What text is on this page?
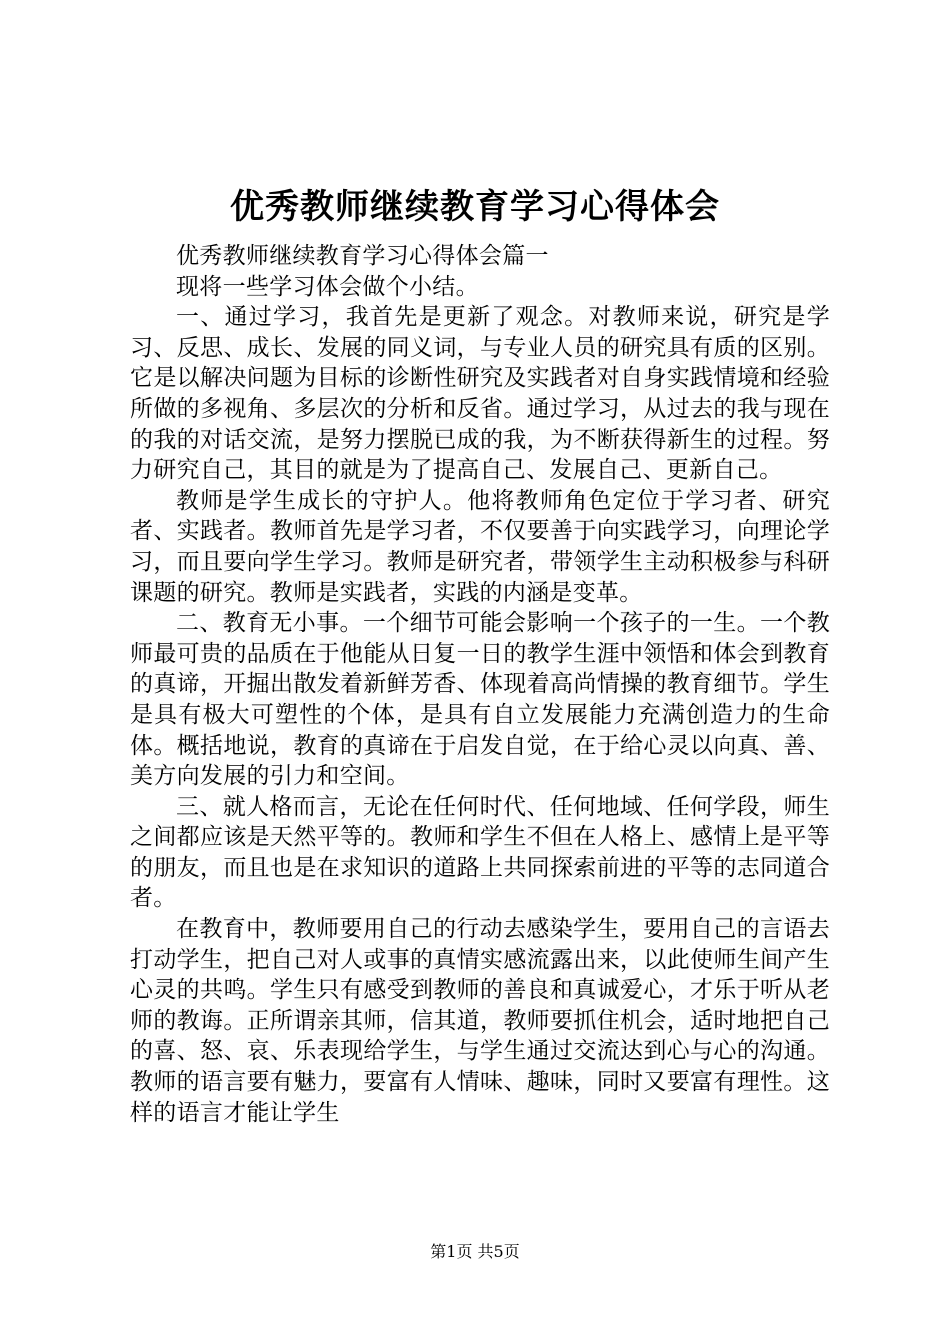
优秀教师继续教育学习心得体会

优秀教师继续教育学习心得体会篇一

现将一些学习体会做个小结。

一、通过学习，我首先是更新了观念。对教师来说，研究是学习、反思、成长、发展的同义词，与专业人员的研究具有质的区别。它是以解决问题为目标的诊断性研究及实践者对自身实践情境和经验所做的多视角、多层次的分析和反省。通过学习，从过去的我与现在的我的对话交流，是努力摆脱已成的我，为不断获得新生的过程。努力研究自己，其目的就是为了提高自己、发展自己、更新自己。

教师是学生成长的守护人。他将教师角色定位于学习者、研究者、实践者。教师首先是学习者，不仅要善于向实践学习，向理论学习，而且要向学生学习。教师是研究者，带领学生主动积极参与科研课题的研究。教师是实践者，实践的内涵是变革。

二、教育无小事。一个细节可能会影响一个孩子的一生。一个教师最可贵的品质在于他能从日复一日的教学生涯中领悟和体会到教育的真谛，开掘出散发着新鲜芳香、体现着高尚情操的教育细节。学生是具有极大可塑性的个体，是具有自立发展能力充满创造力的生命体。概括地说，教育的真谛在于启发自觉，在于给心灵以向真、善、美方向发展的引力和空间。

三、就人格而言，无论在任何时代、任何地域、任何学段，师生之间都应该是天然平等的。教师和学生不但在人格上、感情上是平等的朋友，而且也是在求知识的道路上共同探索前进的平等的志同道合者。

在教育中，教师要用自己的行动去感染学生，要用自己的言语去打动学生，把自己对人或事的真情实感流露出来，以此使师生间产生心灵的共鸣。学生只有感受到教师的善良和真诚爱心，才乐于听从老师的教诲。正所谓亲其师，信其道，教师要抓住机会，适时地把自己的喜、怒、哀、乐表现给学生，与学生通过交流达到心与心的沟通。教师的语言要有魅力，要富有人情味、趣味，同时又要富有理性。这样的语言才能让学生

第1页 共5页
